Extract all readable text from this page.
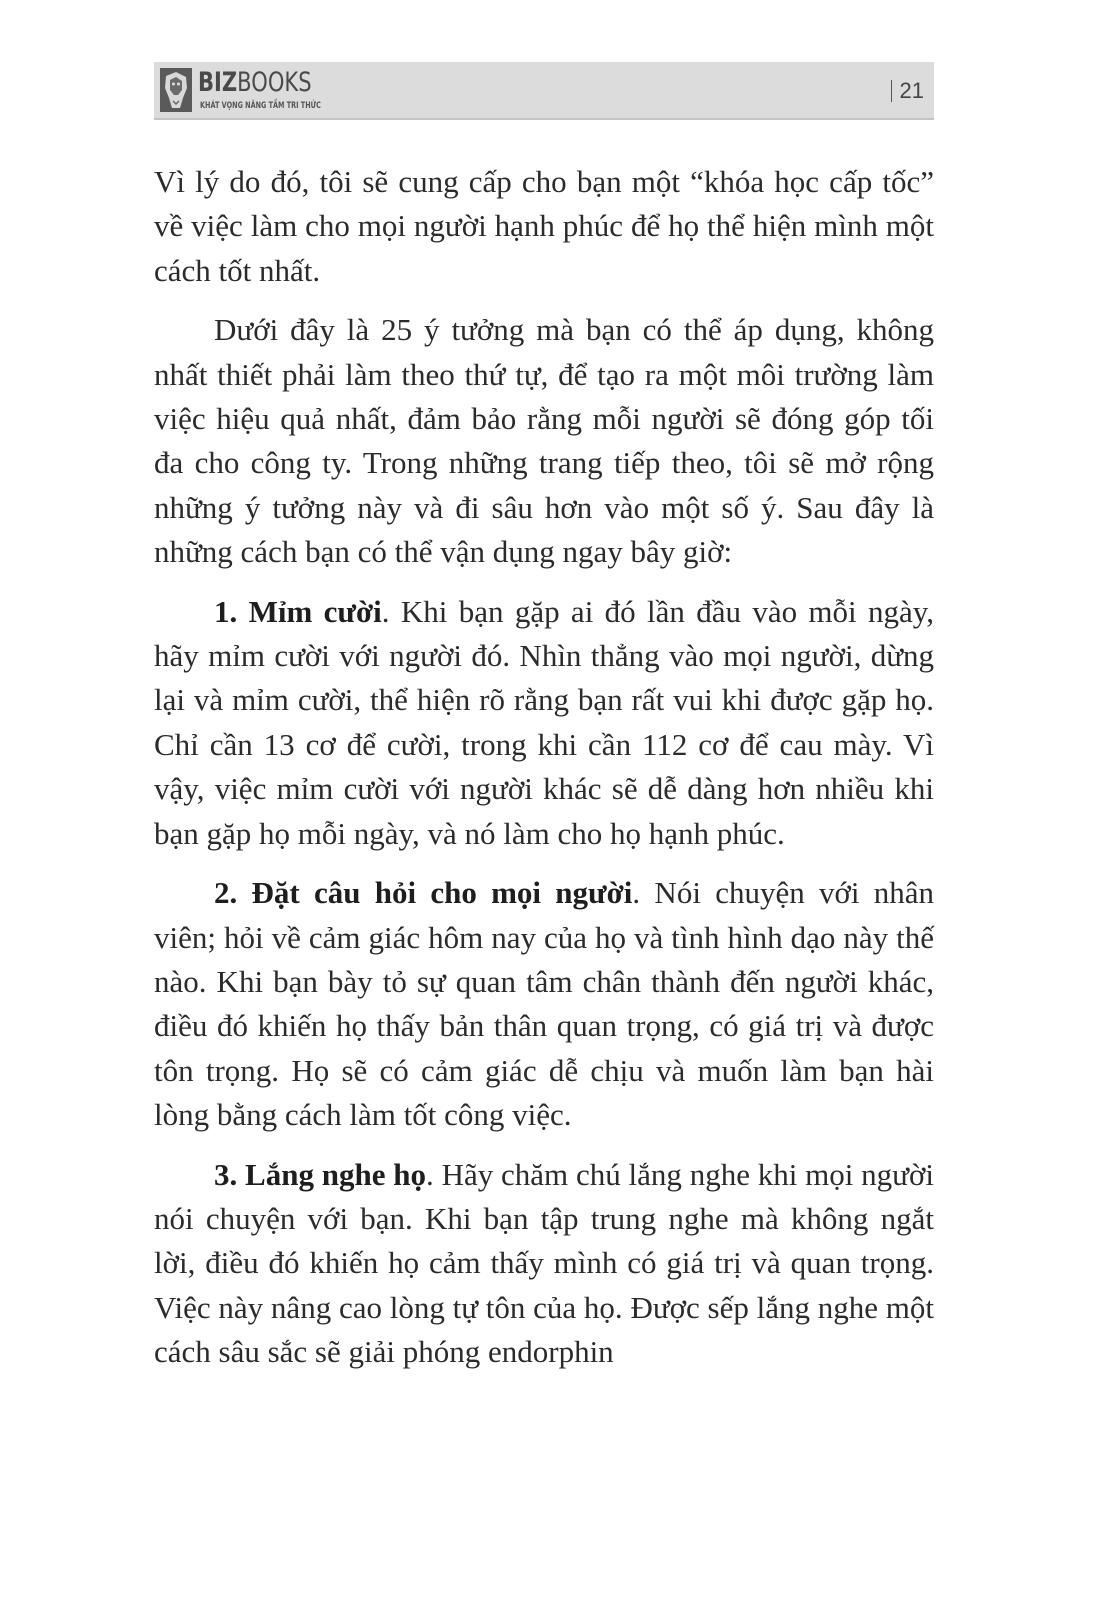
BIZBOOKS
KHÁT VỌNG NÂNG TẦM TRI THỨC
21

Vì lý do đó, tôi sẽ cung cấp cho bạn một “khóa học cấp tốc” về việc làm cho mọi người hạnh phúc để họ thể hiện mình một cách tốt nhất.

Dưới đây là 25 ý tưởng mà bạn có thể áp dụng, không nhất thiết phải làm theo thứ tự, để tạo ra một môi trường làm việc hiệu quả nhất, đảm bảo rằng mỗi người sẽ đóng góp tối đa cho công ty. Trong những trang tiếp theo, tôi sẽ mở rộng những ý tưởng này và đi sâu hơn vào một số ý. Sau đây là những cách bạn có thể vận dụng ngay bây giờ:

1. Mỉm cười. Khi bạn gặp ai đó lần đầu vào mỗi ngày, hãy mỉm cười với người đó. Nhìn thẳng vào mọi người, dừng lại và mỉm cười, thể hiện rõ rằng bạn rất vui khi được gặp họ. Chỉ cần 13 cơ để cười, trong khi cần 112 cơ để cau mày. Vì vậy, việc mỉm cười với người khác sẽ dễ dàng hơn nhiều khi bạn gặp họ mỗi ngày, và nó làm cho họ hạnh phúc.

2. Đặt câu hỏi cho mọi người. Nói chuyện với nhân viên; hỏi về cảm giác hôm nay của họ và tình hình dạo này thế nào. Khi bạn bày tỏ sự quan tâm chân thành đến người khác, điều đó khiến họ thấy bản thân quan trọng, có giá trị và được tôn trọng. Họ sẽ có cảm giác dễ chịu và muốn làm bạn hài lòng bằng cách làm tốt công việc.

3. Lắng nghe họ. Hãy chăm chú lắng nghe khi mọi người nói chuyện với bạn. Khi bạn tập trung nghe mà không ngắt lời, điều đó khiến họ cảm thấy mình có giá trị và quan trọng. Việc này nâng cao lòng tự tôn của họ. Được sếp lắng nghe một cách sâu sắc sẽ giải phóng endorphin
